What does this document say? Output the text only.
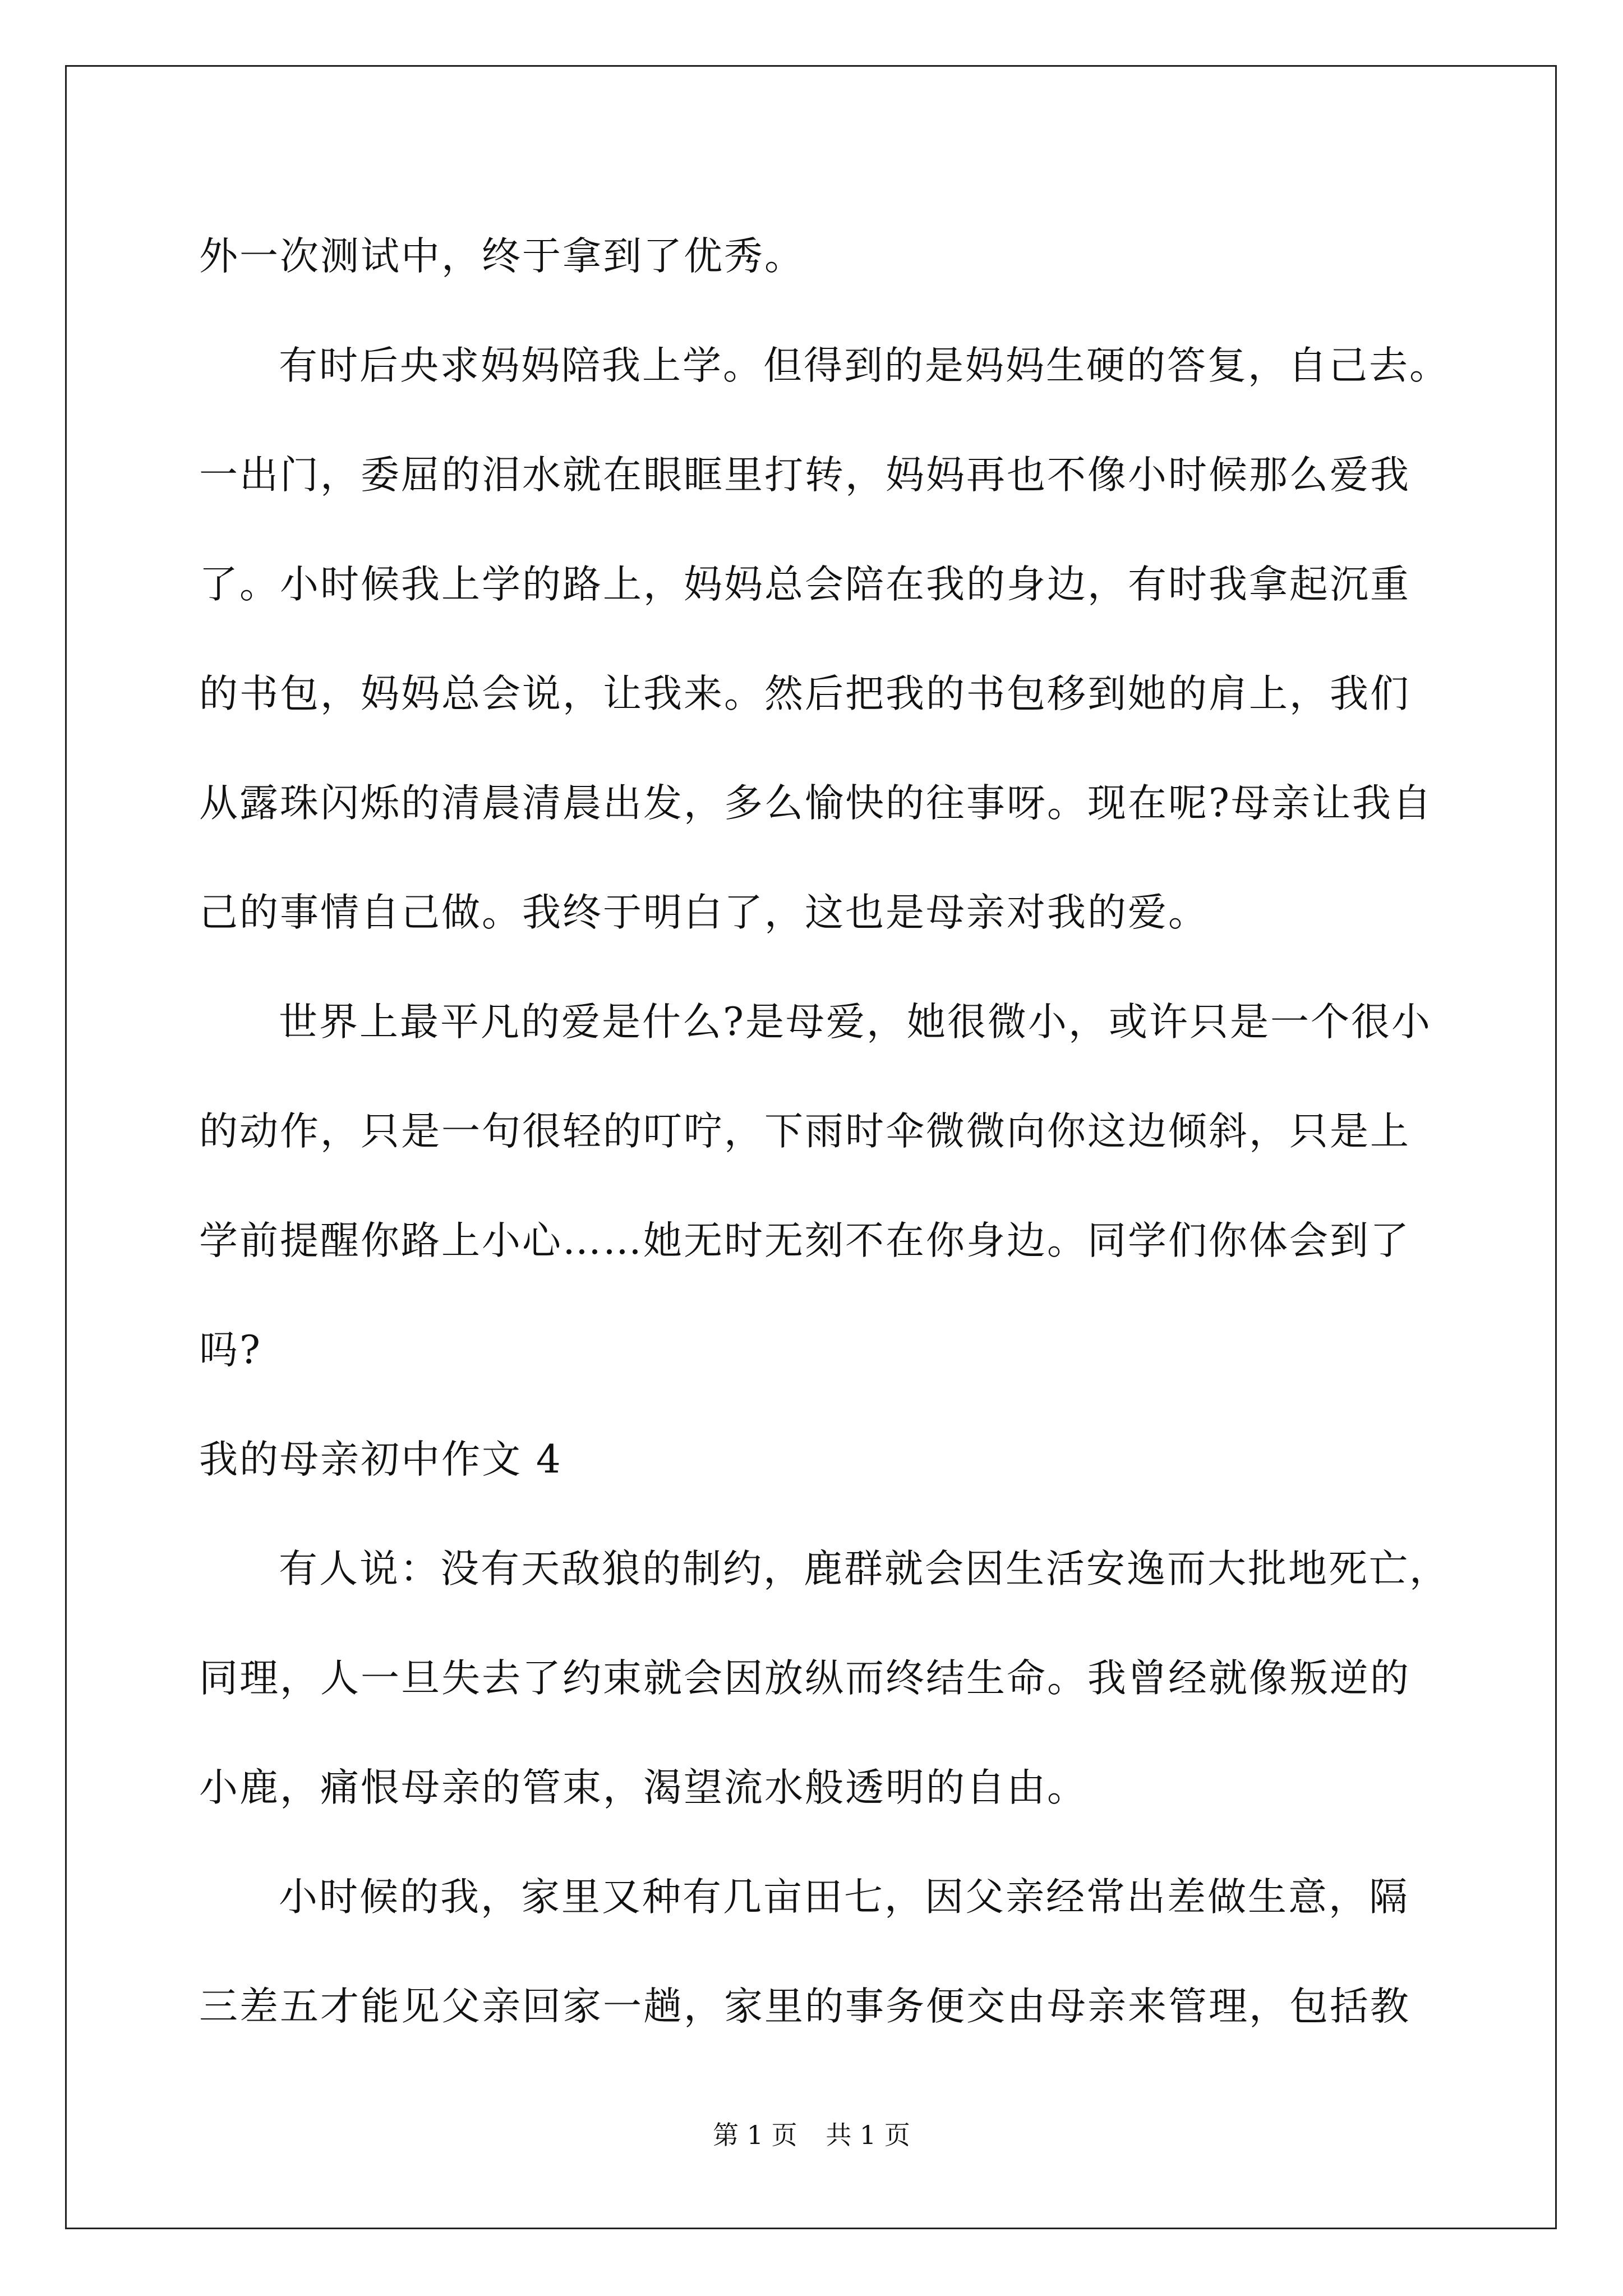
外一次测试中，终于拿到了优秀。
有时后央求妈妈陪我上学。但得到的是妈妈生硬的答复，自己去。
一出门，委屈的泪水就在眼眶里打转，妈妈再也不像小时候那么爱我
了。小时候我上学的路上，妈妈总会陪在我的身边，有时我拿起沉重
的书包，妈妈总会说，让我来。然后把我的书包移到她的肩上，我们
从露珠闪烁的清晨清晨出发，多么愉快的往事呀。现在呢?母亲让我自
己的事情自己做。我终于明白了，这也是母亲对我的爱。
世界上最平凡的爱是什么?是母爱，她很微小，或许只是一个很小
的动作，只是一句很轻的叮咛，下雨时伞微微向你这边倾斜，只是上
学前提醒你路上小心……她无时无刻不在你身边。同学们你体会到了
吗?
我的母亲初中作文 4
有人说：没有天敌狼的制约，鹿群就会因生活安逸而大批地死亡，
同理，人一旦失去了约束就会因放纵而终结生命。我曾经就像叛逆的
小鹿，痛恨母亲的管束，渴望流水般透明的自由。
小时候的我，家里又种有几亩田七，因父亲经常出差做生意，隔
三差五才能见父亲回家一趟，家里的事务便交由母亲来管理，包括教
第 1 页 共 1 页
